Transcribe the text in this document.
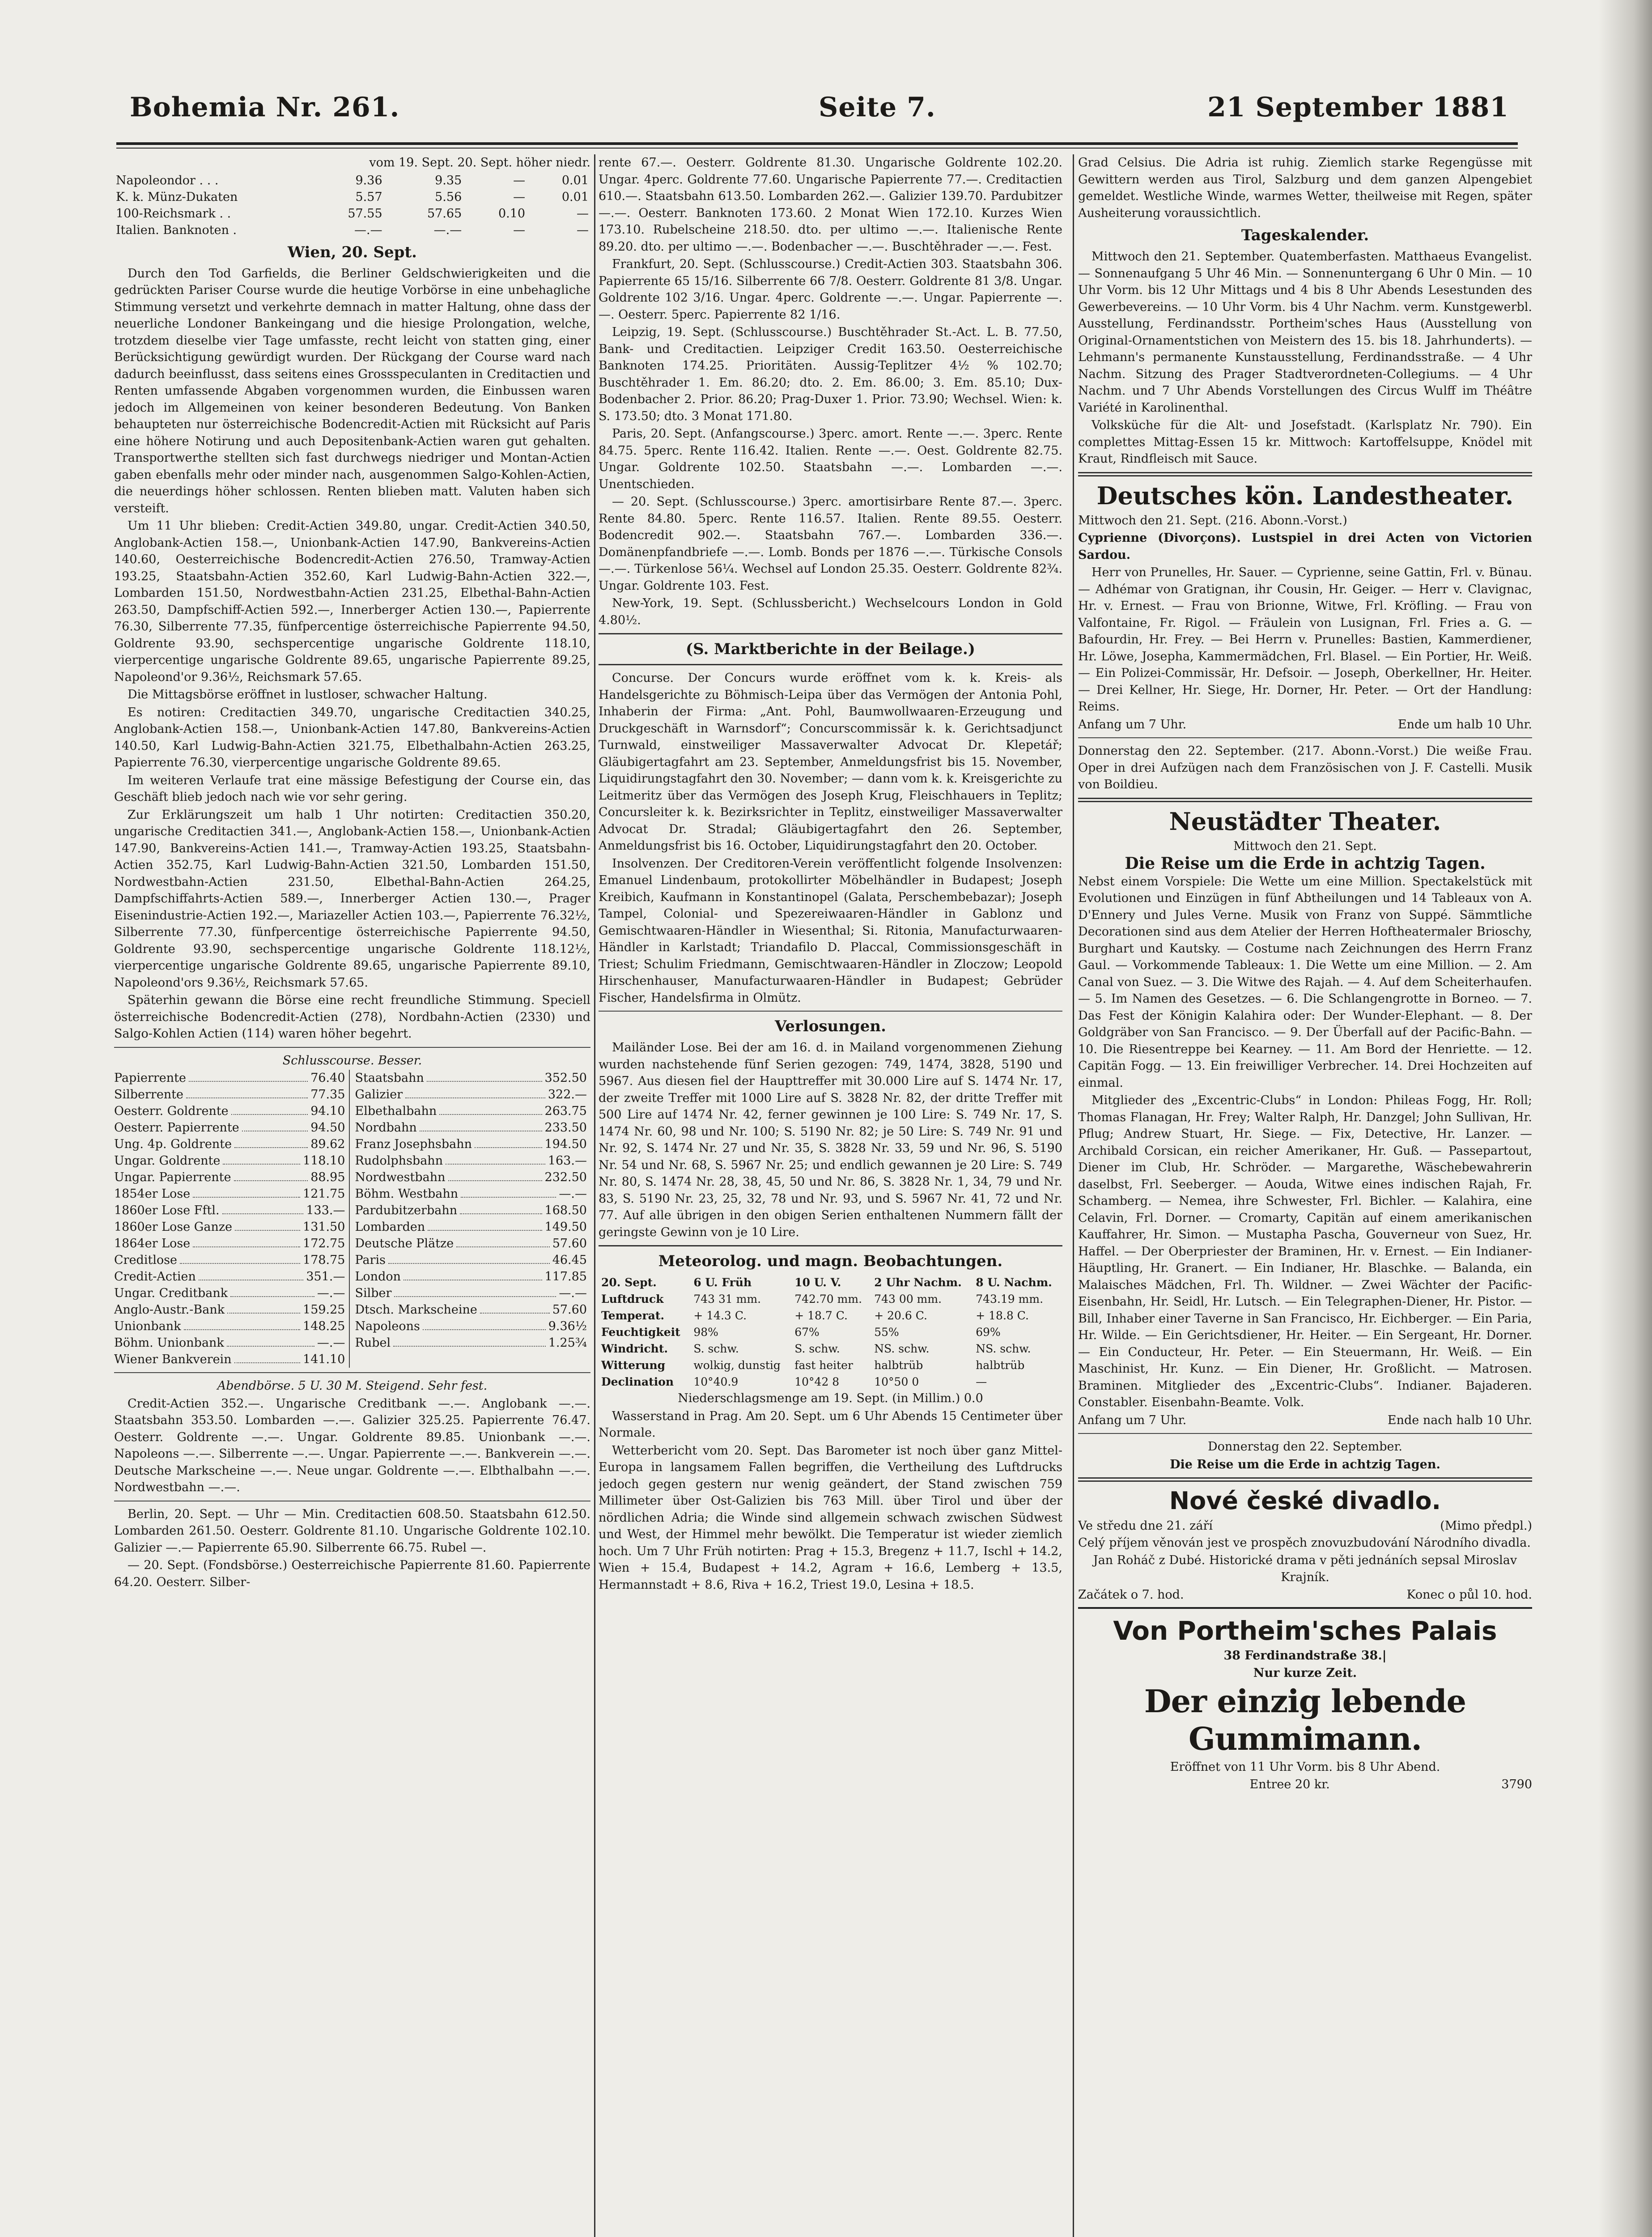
Bohemia Nr. 261.	Seite 7.	21 September 1881

vom 19. Sept. 20. Sept. höher niedr.

Napoleondor . . .	9.36	9.35	—	0.01
K. k. Münz-Dukaten	5.57	5.56	—	0.01
100-Reichsmark . .	57.55	57.65	0.10	—
Italien. Banknoten .	—.—	—.—	—	—

Wien, 20. Sept.

Durch den Tod Garfields, die Berliner Geldschwierigkeiten und die gedrückten Pariser Course wurde die heutige Vorbörse in eine unbehagliche Stimmung versetzt und verkehrte demnach in matter Haltung, ohne dass der neuerliche Londoner Bankeingang und die hiesige Prolongation, welche, trotzdem dieselbe vier Tage umfasste, recht leicht von statten ging, einer Berücksichtigung gewürdigt wurden. Der Rückgang der Course ward nach dadurch beeinflusst, dass seitens eines Grossspeculanten in Creditactien und Renten umfassende Abgaben vorgenommen wurden, die Einbussen waren jedoch im Allgemeinen von keiner besonderen Bedeutung. Von Banken behaupteten nur österreichische Bodencredit-Actien mit Rücksicht auf Paris eine höhere Notirung und auch Depositenbank-Actien waren gut gehalten. Transportwerthe stellten sich fast durchwegs niedriger und Montan-Actien gaben ebenfalls mehr oder minder nach, ausgenommen Salgo-Kohlen-Actien, die neuerdings höher schlossen. Renten blieben matt. Valuten haben sich versteift.

Um 11 Uhr blieben: Credit-Actien 349.80, ungar. Credit-Actien 340.50, Anglobank-Actien 158.—, Unionbank-Actien 147.90, Bankvereins-Actien 140.60, Oesterreichische Bodencredit-Actien 276.50, Tramway-Actien 193.25, Staatsbahn-Actien 352.60, Karl Ludwig-Bahn-Actien 322.—, Lombarden 151.50, Nordwestbahn-Actien 231.25, Elbethal-Bahn-Actien 263.50, Dampfschiff-Actien 592.—, Innerberger Actien 130.—, Papierrente 76.30, Silberrente 77.35, fünfpercentige österreichische Papierrente 94.50, Goldrente 93.90, sechspercentige ungarische Goldrente 118.10, vierpercentige ungarische Goldrente 89.65, ungarische Papierrente 89.25, Napoleond'or 9.36½, Reichsmark 57.65.

Die Mittagsbörse eröffnet in lustloser, schwacher Haltung.

Es notiren: Creditactien 349.70, ungarische Creditactien 340.25, Anglobank-Actien 158.—, Unionbank-Actien 147.80, Bankvereins-Actien 140.50, Karl Ludwig-Bahn-Actien 321.75, Elbethalbahn-Actien 263.25, Papierrente 76.30, vierpercentige ungarische Goldrente 89.65.

Im weiteren Verlaufe trat eine mässige Befestigung der Course ein, das Geschäft blieb jedoch nach wie vor sehr gering.

Zur Erklärungszeit um halb 1 Uhr notirten: Creditactien 350.20, ungarische Creditactien 341.—, Anglobank-Actien 158.—, Unionbank-Actien 147.90, Bankvereins-Actien 141.—, Tramway-Actien 193.25, Staatsbahn-Actien 352.75, Karl Ludwig-Bahn-Actien 321.50, Lombarden 151.50, Nordwestbahn-Actien 231.50, Elbethal-Bahn-Actien 264.25, Dampfschiffahrts-Actien 589.—, Innerberger Actien 130.—, Prager Eisenindustrie-Actien 192.—, Mariazeller Actien 103.—, Papierrente 76.32½, Silberrente 77.30, fünfpercentige österreichische Papierrente 94.50, Goldrente 93.90, sechspercentige ungarische Goldrente 118.12½, vierpercentige ungarische Goldrente 89.65, ungarische Papierrente 89.10, Napoleond'ors 9.36½, Reichsmark 57.65.

Späterhin gewann die Börse eine recht freundliche Stimmung. Speciell österreichische Bodencredit-Actien (278), Nordbahn-Actien (2330) und Salgo-Kohlen Actien (114) waren höher begehrt.

Schlusscourse. Besser.

Papierrente	76.40
Silberrente	77.35
Oesterr. Goldrente	94.10
Oesterr. Papierrente	94.50
Ung. 4p. Goldrente	89.62
Ungar. Goldrente	118.10
Ungar. Papierrente	88.95
1854er Lose	121.75
1860er Lose Fftl.	133.—
1860er Lose Ganze	131.50
1864er Lose	172.75
Creditlose	178.75
Credit-Actien	351.—
Ungar. Creditbank	—.—
Anglo-Austr.-Bank	159.25
Unionbank	148.25
Böhm. Unionbank	—.—
Wiener Bankverein	141.10
Staatsbahn	352.50
Galizier	322.—
Elbethalbahn	263.75
Nordbahn	233.50
Franz Josephsbahn	194.50
Rudolphsbahn	163.—
Nordwestbahn	232.50
Böhm. Westbahn	—.—
Pardubitzerbahn	168.50
Lombarden	149.50
Deutsche Plätze	57.60
Paris	46.45
London	117.85
Silber	—.—
Dtsch. Markscheine	57.60
Napoleons	9.36½
Rubel	1.25¾

Abendbörse. 5 U. 30 M. Steigend. Sehr fest.

Credit-Actien 352.—. Ungarische Creditbank —.—. Anglobank —.—. Staatsbahn 353.50. Lombarden —.—. Galizier 325.25. Papierrente 76.47. Oesterr. Goldrente —.—. Ungar. Goldrente 89.85. Unionbank —.—. Napoleons —.—. Silberrente —.—. Ungar. Papierrente —.—. Bankverein —.—. Deutsche Markscheine —.—. Neue ungar. Goldrente —.—. Elbthalbahn —.—. Nordwestbahn —.—.

Berlin, 20. Sept. — Uhr — Min. Creditactien 608.50. Staatsbahn 612.50. Lombarden 261.50. Oesterr. Goldrente 81.10. Ungarische Goldrente 102.10. Galizier —.— Papierrente 65.90. Silberrente 66.75. Rubel —.

— 20. Sept. (Fondsbörse.) Oesterreichische Papierrente 81.60. Papierrente 64.20. Oesterr. Silber-

rente 67.—. Oesterr. Goldrente 81.30. Ungarische Goldrente 102.20. Ungar. 4perc. Goldrente 77.60. Ungarische Papierrente 77.—. Creditactien 610.—. Staatsbahn 613.50. Lombarden 262.—. Galizier 139.70. Pardubitzer —.—. Oesterr. Banknoten 173.60. 2 Monat Wien 172.10. Kurzes Wien 173.10. Rubelscheine 218.50. dto. per ultimo —.—. Italienische Rente 89.20. dto. per ultimo —.—. Bodenbacher —.—. Buschtěhrader —.—. Fest.

Frankfurt, 20. Sept. (Schlusscourse.) Credit-Actien 303. Staatsbahn 306. Papierrente 65 15/16. Silberrente 66 7/8. Oesterr. Goldrente 81 3/8. Ungar. Goldrente 102 3/16. Ungar. 4perc. Goldrente —.—. Ungar. Papierrente —.—. Oesterr. 5perc. Papierrente 82 1/16.

Leipzig, 19. Sept. (Schlusscourse.) Buschtěhrader St.-Act. L. B. 77.50, Bank- und Creditactien. Leipziger Credit 163.50. Oesterreichische Banknoten 174.25. Prioritäten. Aussig-Teplitzer 4½ % 102.70; Buschtěhrader 1. Em. 86.20; dto. 2. Em. 86.00; 3. Em. 85.10; Dux-Bodenbacher 2. Prior. 86.20; Prag-Duxer 1. Prior. 73.90; Wechsel. Wien: k. S. 173.50; dto. 3 Monat 171.80.

Paris, 20. Sept. (Anfangscourse.) 3perc. amort. Rente —.—. 3perc. Rente 84.75. 5perc. Rente 116.42. Italien. Rente —.—. Oest. Goldrente 82.75. Ungar. Goldrente 102.50. Staatsbahn —.—. Lombarden —.—. Unentschieden.

— 20. Sept. (Schlusscourse.) 3perc. amortisirbare Rente 87.—. 3perc. Rente 84.80. 5perc. Rente 116.57. Italien. Rente 89.55. Oesterr. Bodencredit 902.—. Staatsbahn 767.—. Lombarden 336.—. Domänenpfandbriefe —.—. Lomb. Bonds per 1876 —.—. Türkische Consols —.—. Türkenlose 56¼. Wechsel auf London 25.35. Oesterr. Goldrente 82¾. Ungar. Goldrente 103. Fest.

New-York, 19. Sept. (Schlussbericht.) Wechselcours London in Gold 4.80½.

(S. Marktberichte in der Beilage.)

Concurse. Der Concurs wurde eröffnet vom k. k. Kreis- als Handelsgerichte zu Böhmisch-Leipa über das Vermögen der Antonia Pohl, Inhaberin der Firma: „Ant. Pohl, Baumwollwaaren-Erzeugung und Druckgeschäft in Warnsdorf“; Concurscommissär k. k. Gerichtsadjunct Turnwald, einstweiliger Massaverwalter Advocat Dr. Klepetář; Gläubigertagfahrt am 23. September, Anmeldungsfrist bis 15. November, Liquidirungstagfahrt den 30. November; — dann vom k. k. Kreisgerichte zu Leitmeritz über das Vermögen des Joseph Krug, Fleischhauers in Teplitz; Concursleiter k. k. Bezirksrichter in Teplitz, einstweiliger Massaverwalter Advocat Dr. Stradal; Gläubigertagfahrt den 26. September, Anmeldungsfrist bis 16. October, Liquidirungstagfahrt den 20. October.

Insolvenzen. Der Creditoren-Verein veröffentlicht folgende Insolvenzen: Emanuel Lindenbaum, protokollirter Möbelhändler in Budapest; Joseph Kreibich, Kaufmann in Konstantinopel (Galata, Perschembebazar); Joseph Tampel, Colonial- und Spezereiwaaren-Händler in Gablonz und Gemischtwaaren-Händler in Wiesenthal; Si. Ritonia, Manufacturwaaren-Händler in Karlstadt; Triandafilo D. Placcal, Commissionsgeschäft in Triest; Schulim Friedmann, Gemischtwaaren-Händler in Zloczow; Leopold Hirschenhauser, Manufacturwaaren-Händler in Budapest; Gebrüder Fischer, Handelsfirma in Olmütz.

Verlosungen.

Mailänder Lose. Bei der am 16. d. in Mailand vorgenommenen Ziehung wurden nachstehende fünf Serien gezogen: 749, 1474, 3828, 5190 und 5967. Aus diesen fiel der Haupttreffer mit 30.000 Lire auf S. 1474 Nr. 17, der zweite Treffer mit 1000 Lire auf S. 3828 Nr. 82, der dritte Treffer mit 500 Lire auf 1474 Nr. 42, ferner gewinnen je 100 Lire: S. 749 Nr. 17, S. 1474 Nr. 60, 98 und Nr. 100; S. 5190 Nr. 82; je 50 Lire: S. 749 Nr. 91 und Nr. 92, S. 1474 Nr. 27 und Nr. 35, S. 3828 Nr. 33, 59 und Nr. 96, S. 5190 Nr. 54 und Nr. 68, S. 5967 Nr. 25; und endlich gewannen je 20 Lire: S. 749 Nr. 80, S. 1474 Nr. 28, 38, 45, 50 und Nr. 86, S. 3828 Nr. 1, 34, 79 und Nr. 83, S. 5190 Nr. 23, 25, 32, 78 und Nr. 93, und S. 5967 Nr. 41, 72 und Nr. 77. Auf alle übrigen in den obigen Serien enthaltenen Nummern fällt der geringste Gewinn von je 10 Lire.

Meteorolog. und magn. Beobachtungen.

20. Sept.	6 U. Früh	10 U. V.	2 Uhr Nachm.	8 U. Nachm.
Luftdruck	743 31 mm.	742.70 mm.	743 00 mm.	743.19 mm.
Temperat.	+ 14.3 C.	+ 18.7 C.	+ 20.6 C.	+ 18.8 C.
Feuchtigkeit	98%	67%	55%	69%
Windricht.	S. schw.	S. schw.	NS. schw.	NS. schw.
Witterung	wolkig, dunstig	fast heiter	halbtrüb	halbtrüb
Declination	10°40.9	10°42 8	10°50 0	—

Niederschlagsmenge am 19. Sept. (in Millim.) 0.0

Wasserstand in Prag. Am 20. Sept. um 6 Uhr Abends 15 Centimeter über Normale.

Wetterbericht vom 20. Sept. Das Barometer ist noch über ganz Mittel-Europa in langsamem Fallen begriffen, die Vertheilung des Luftdrucks jedoch gegen gestern nur wenig geändert, der Stand zwischen 759 Millimeter über Ost-Galizien bis 763 Mill. über Tirol und über der nördlichen Adria; die Winde sind allgemein schwach zwischen Südwest und West, der Himmel mehr bewölkt. Die Temperatur ist wieder ziemlich hoch. Um 7 Uhr Früh notirten: Prag + 15.3, Bregenz + 11.7, Ischl + 14.2, Wien + 15.4, Budapest + 14.2, Agram + 16.6, Lemberg + 13.5, Hermannstadt + 8.6, Riva + 16.2, Triest 19.0, Lesina + 18.5.

Grad Celsius. Die Adria ist ruhig. Ziemlich starke Regengüsse mit Gewittern werden aus Tirol, Salzburg und dem ganzen Alpengebiet gemeldet. Westliche Winde, warmes Wetter, theilweise mit Regen, später Ausheiterung voraussichtlich.

Tageskalender.

Mittwoch den 21. September. Quatemberfasten. Matthaeus Evangelist. — Sonnenaufgang 5 Uhr 46 Min. — Sonnenuntergang 6 Uhr 0 Min. — 10 Uhr Vorm. bis 12 Uhr Mittags und 4 bis 8 Uhr Abends Lesestunden des Gewerbevereins. — 10 Uhr Vorm. bis 4 Uhr Nachm. verm. Kunstgewerbl. Ausstellung, Ferdinandsstr. Portheim'sches Haus (Ausstellung von Original-Ornamentstichen von Meistern des 15. bis 18. Jahrhunderts). — Lehmann's permanente Kunstausstellung, Ferdinandsstraße. — 4 Uhr Nachm. Sitzung des Prager Stadtverordneten-Collegiums. — 4 Uhr Nachm. und 7 Uhr Abends Vorstellungen des Circus Wulff im Théâtre Variété in Karolinenthal.

Volksküche für die Alt- und Josefstadt. (Karlsplatz Nr. 790). Ein complettes Mittag-Essen 15 kr. Mittwoch: Kartoffelsuppe, Knödel mit Kraut, Rindfleisch mit Sauce.

Deutsches kön. Landestheater.

Mittwoch den 21. Sept. (216. Abonn.-Vorst.)

Cyprienne (Divorçons). Lustspiel in drei Acten von Victorien Sardou.

Herr von Prunelles, Hr. Sauer. — Cyprienne, seine Gattin, Frl. v. Bünau. — Adhémar von Gratignan, ihr Cousin, Hr. Geiger. — Herr v. Clavignac, Hr. v. Ernest. — Frau von Brionne, Witwe, Frl. Kröfling. — Frau von Valfontaine, Fr. Rigol. — Fräulein von Lusignan, Frl. Fries a. G. — Bafourdin, Hr. Frey. — Bei Herrn v. Prunelles: Bastien, Kammerdiener, Hr. Löwe, Josepha, Kammermädchen, Frl. Blasel. — Ein Portier, Hr. Weiß. — Ein Polizei-Commissär, Hr. Defsoir. — Joseph, Oberkellner, Hr. Heiter. — Drei Kellner, Hr. Siege, Hr. Dorner, Hr. Peter. — Ort der Handlung: Reims.

Anfang um 7 Uhr.	Ende um halb 10 Uhr.

Donnerstag den 22. September. (217. Abonn.-Vorst.) Die weiße Frau. Oper in drei Aufzügen nach dem Französischen von J. F. Castelli. Musik von Boildieu.

Neustädter Theater.

Mittwoch den 21. Sept.

Die Reise um die Erde in achtzig Tagen.

Nebst einem Vorspiele: Die Wette um eine Million. Spectakelstück mit Evolutionen und Einzügen in fünf Abtheilungen und 14 Tableaux von A. D'Ennery und Jules Verne. Musik von Franz von Suppé. Sämmtliche Decorationen sind aus dem Atelier der Herren Hoftheatermaler Brioschy, Burghart und Kautsky. — Costume nach Zeichnungen des Herrn Franz Gaul. — Vorkommende Tableaux: 1. Die Wette um eine Million. — 2. Am Canal von Suez. — 3. Die Witwe des Rajah. — 4. Auf dem Scheiterhaufen. — 5. Im Namen des Gesetzes. — 6. Die Schlangengrotte in Borneo. — 7. Das Fest der Königin Kalahira oder: Der Wunder-Elephant. — 8. Der Goldgräber von San Francisco. — 9. Der Überfall auf der Pacific-Bahn. — 10. Die Riesentreppe bei Kearney. — 11. Am Bord der Henriette. — 12. Capitän Fogg. — 13. Ein freiwilliger Verbrecher. 14. Drei Hochzeiten auf einmal.

Mitglieder des „Excentric-Clubs“ in London: Phileas Fogg, Hr. Roll; Thomas Flanagan, Hr. Frey; Walter Ralph, Hr. Danzgel; John Sullivan, Hr. Pflug; Andrew Stuart, Hr. Siege. — Fix, Detective, Hr. Lanzer. — Archibald Corsican, ein reicher Amerikaner, Hr. Guß. — Passepartout, Diener im Club, Hr. Schröder. — Margarethe, Wäschebewahrerin daselbst, Frl. Seeberger. — Aouda, Witwe eines indischen Rajah, Fr. Schamberg. — Nemea, ihre Schwester, Frl. Bichler. — Kalahira, eine Celavin, Frl. Dorner. — Cromarty, Capitän auf einem amerikanischen Kauffahrer, Hr. Simon. — Mustapha Pascha, Gouverneur von Suez, Hr. Haffel. — Der Oberpriester der Braminen, Hr. v. Ernest. — Ein Indianer-Häuptling, Hr. Granert. — Ein Indianer, Hr. Blaschke. — Balanda, ein Malaisches Mädchen, Frl. Th. Wildner. — Zwei Wächter der Pacific-Eisenbahn, Hr. Seidl, Hr. Lutsch. — Ein Telegraphen-Diener, Hr. Pistor. — Bill, Inhaber einer Taverne in San Francisco, Hr. Eichberger. — Ein Paria, Hr. Wilde. — Ein Gerichtsdiener, Hr. Heiter. — Ein Sergeant, Hr. Dorner. — Ein Conducteur, Hr. Peter. — Ein Steuermann, Hr. Weiß. — Ein Maschinist, Hr. Kunz. — Ein Diener, Hr. Großlicht. — Matrosen. Braminen. Mitglieder des „Excentric-Clubs“. Indianer. Bajaderen. Constabler. Eisenbahn-Beamte. Volk.

Anfang um 7 Uhr.	Ende nach halb 10 Uhr.

Donnerstag den 22. September.

Die Reise um die Erde in achtzig Tagen.

Nové české divadlo.

Ve středu dne 21. září	(Mimo předpl.)

Celý příjem věnován jest ve prospěch znovuzbudování Národního divadla.

Jan Roháč z Dubé. Historické drama v pěti jednáních sepsal Miroslav Krajník.

Začátek o 7. hod.	Konec o půl 10. hod.

Von Portheim'sches Palais

38 Ferdinandstraße 38.|

Nur kurze Zeit.

Der einzig lebende Gummimann.

Eröffnet von 11 Uhr Vorm. bis 8 Uhr Abend.

Entree 20 kr.	3790
